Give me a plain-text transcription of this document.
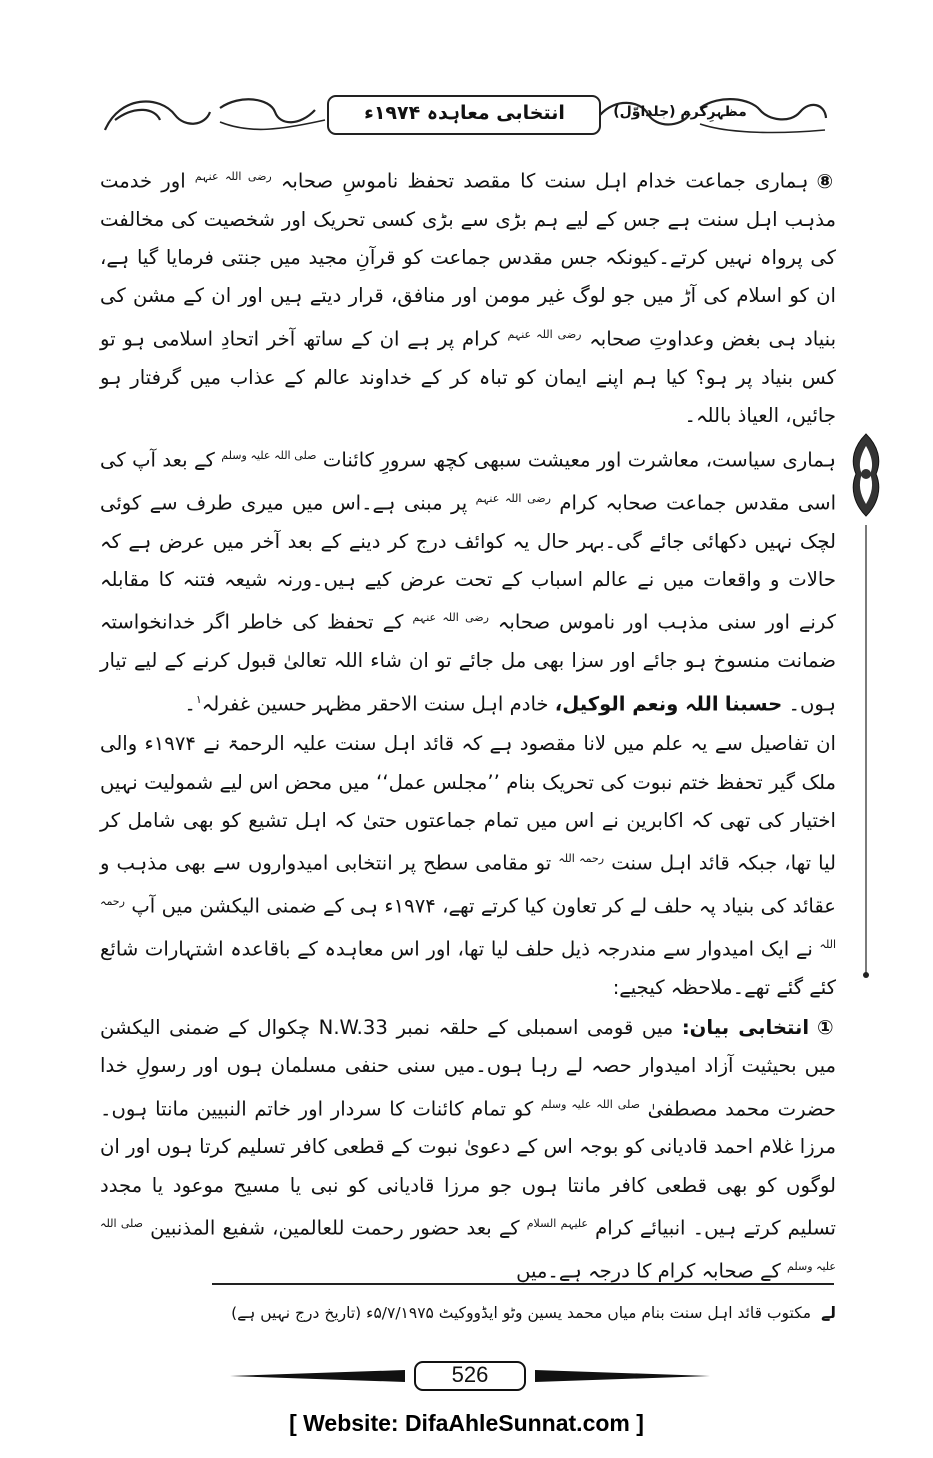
انتخابی معاہدہ ۱۹۷۴ء	مظہرِکرم (جلداوّل)

⑧ہماری جماعت خدام اہل سنت کا مقصد تحفظ ناموسِ صحابہ $^{رضی اللہ عنہم}$ اور خدمت مذہب اہل سنت ہے جس کے لیے ہم بڑی سے بڑی کسی تحریک اور شخصیت کی مخالفت کی پرواہ نہیں کرتے۔کیونکہ جس مقدس جماعت کو قرآنِ مجید میں جنتی فرمایا گیا ہے، ان کو اسلام کی آڑ میں جو لوگ غیر مومن اور منافق، قرار دیتے ہیں اور ان کے مشن کی بنیاد ہی بغض وعداوتِ صحابہ $^{رضی اللہ عنہم}$ کرام پر ہے ان کے ساتھ آخر اتحادِ اسلامی ہو تو کس بنیاد پر ہو؟ کیا ہم اپنے ایمان کو تباہ کر کے خداوند عالم کے عذاب میں گرفتار ہو جائیں، العیاذ باللہ۔

ہماری سیاست، معاشرت اور معیشت سبھی کچھ سرورِ کائنات $^{صلی اللہ علیہ وسلم}$ کے بعد آپ کی اسی مقدس جماعت صحابہ کرام $^{رضی اللہ عنہم}$ پر مبنی ہے۔اس میں میری طرف سے کوئی لچک نہیں دکھائی جائے گی۔بہر حال یہ کوائف درج کر دینے کے بعد آخر میں عرض ہے کہ حالات و واقعات میں نے عالم اسباب کے تحت عرض کیے ہیں۔ورنہ شیعہ فتنہ کا مقابلہ کرنے اور سنی مذہب اور ناموس صحابہ $^{رضی اللہ عنہم}$ کے تحفظ کی خاطر اگر خدانخواستہ ضمانت منسوخ ہو جائے اور سزا بھی مل جائے تو ان شاء اللہ تعالیٰ قبول کرنے کے لیے تیار ہوں۔ حسبنا اللہ ونعم الوکیل، خادم اہل سنت الاحقر مظہر حسین غفرلہ$^۱$۔

ان تفاصیل سے یہ علم میں لانا مقصود ہے کہ قائد اہل سنت علیہ الرحمۃ نے ۱۹۷۴ء والی ملک گیر تحفظ ختم نبوت کی تحریک بنام ’’مجلس عمل‘‘ میں محض اس لیے شمولیت نہیں اختیار کی تھی کہ اکابرین نے اس میں تمام جماعتوں حتیٰ کہ اہل تشیع کو بھی شامل کر لیا تھا، جبکہ قائد اہل سنت $^{رحمہ اللہ}$ تو مقامی سطح پر انتخابی امیدواروں سے بھی مذہب و عقائد کی بنیاد پہ حلف لے کر تعاون کیا کرتے تھے، ۱۹۷۴ء ہی کے ضمنی الیکشن میں آپ $^{رحمہ اللہ}$ نے ایک امیدوار سے مندرجہ ذیل حلف لیا تھا، اور اس معاہدہ کے باقاعدہ اشتہارات شائع کئے گئے تھے۔ملاحظہ کیجیے:

①انتخابی بیان: میں قومی اسمبلی کے حلقہ نمبر N.W.33 چکوال کے ضمنی الیکشن میں بحیثیت آزاد امیدوار حصہ لے رہا ہوں۔میں سنی حنفی مسلمان ہوں اور رسولِ خدا حضرت محمد مصطفیٰ $^{صلی اللہ علیہ وسلم}$ کو تمام کائنات کا سردار اور خاتم النبیین مانتا ہوں۔مرزا غلام احمد قادیانی کو بوجہ اس کے دعویٰ نبوت کے قطعی کافر تسلیم کرتا ہوں اور ان لوگوں کو بھی قطعی کافر مانتا ہوں جو مرزا قادیانی کو نبی یا مسیح موعود یا مجدد تسلیم کرتے ہیں۔ انبیائے کرام $^{علیہم السلام}$ کے بعد حضور رحمت للعالمین، شفیع المذنبین $^{صلی اللہ علیہ وسلم}$ کے صحابہ کرام کا درجہ ہے۔میں

لےمکتوب قائد اہل سنت بنام میاں محمد یسین وٹو ایڈووکیٹ ۵/۷/۱۹۷۵ء (تاریخ درج نہیں ہے)
526
[ Website: DifaAhleSunnat.com ]
